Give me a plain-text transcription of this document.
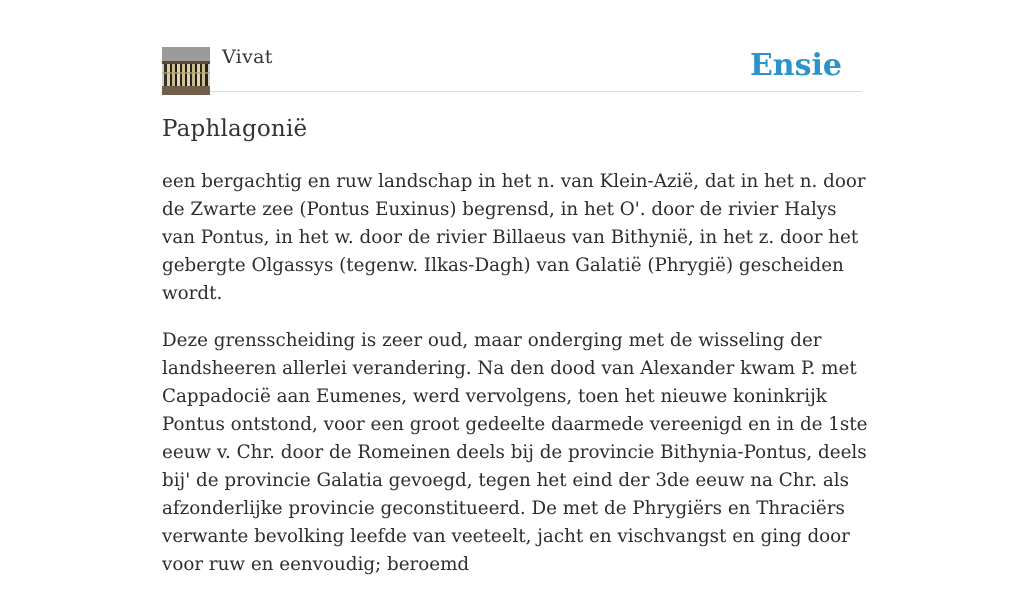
Vivat	Ensie

Paphlagonië

een bergachtig en ruw landschap in het n. van Klein-Azië, dat in het n. door de Zwarte zee (Pontus Euxinus) begrensd, in het O'. door de rivier Halys van Pontus, in het w. door de rivier Billaeus van Bithynië, in het z. door het gebergte Olgassys (tegenw. Ilkas-Dagh) van Galatië (Phrygië) gescheiden wordt.

Deze grensscheiding is zeer oud, maar onderging met de wisseling der landsheeren allerlei verandering. Na den dood van Alexander kwam P. met Cappadocië aan Eumenes, werd vervolgens, toen het nieuwe koninkrijk Pontus ontstond, voor een groot gedeelte daarmede vereenigd en in de 1ste eeuw v. Chr. door de Romeinen deels bij de provincie Bithynia-Pontus, deels bij' de provincie Galatia gevoegd, tegen het eind der 3de eeuw na Chr. als afzonderlijke provincie geconstitueerd. De met de Phrygiërs en Thraciërs verwante bevolking leefde van veeteelt, jacht en vischvangst en ging door voor ruw en eenvoudig; beroemd
